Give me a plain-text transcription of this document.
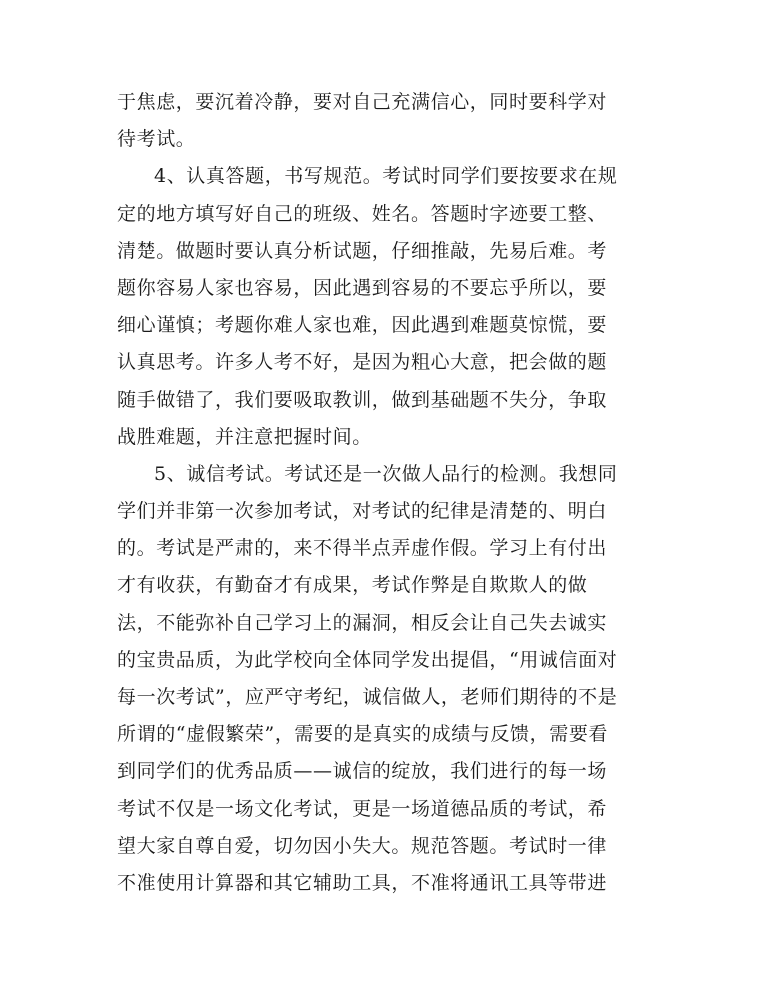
于焦虑，要沉着冷静，要对自己充满信心，同时要科学对
待考试。
4、认真答题，书写规范。考试时同学们要按要求在规
定的地方填写好自己的班级、姓名。答题时字迹要工整、
清楚。做题时要认真分析试题，仔细推敲，先易后难。考
题你容易人家也容易，因此遇到容易的不要忘乎所以，要
细心谨慎；考题你难人家也难，因此遇到难题莫惊慌，要
认真思考。许多人考不好，是因为粗心大意，把会做的题
随手做错了，我们要吸取教训，做到基础题不失分，争取
战胜难题，并注意把握时间。
5、诚信考试。考试还是一次做人品行的检测。我想同
学们并非第一次参加考试，对考试的纪律是清楚的、明白
的。考试是严肃的，来不得半点弄虚作假。学习上有付出
才有收获，有勤奋才有成果，考试作弊是自欺欺人的做
法，不能弥补自己学习上的漏洞，相反会让自己失去诚实
的宝贵品质，为此学校向全体同学发出提倡，“用诚信面对
每一次考试”，应严守考纪，诚信做人，老师们期待的不是
所谓的“虚假繁荣”，需要的是真实的成绩与反馈，需要看
到同学们的优秀品质——诚信的绽放，我们进行的每一场
考试不仅是一场文化考试，更是一场道德品质的考试，希
望大家自尊自爱，切勿因小失大。规范答题。考试时一律
不准使用计算器和其它辅助工具，不准将通讯工具等带进
